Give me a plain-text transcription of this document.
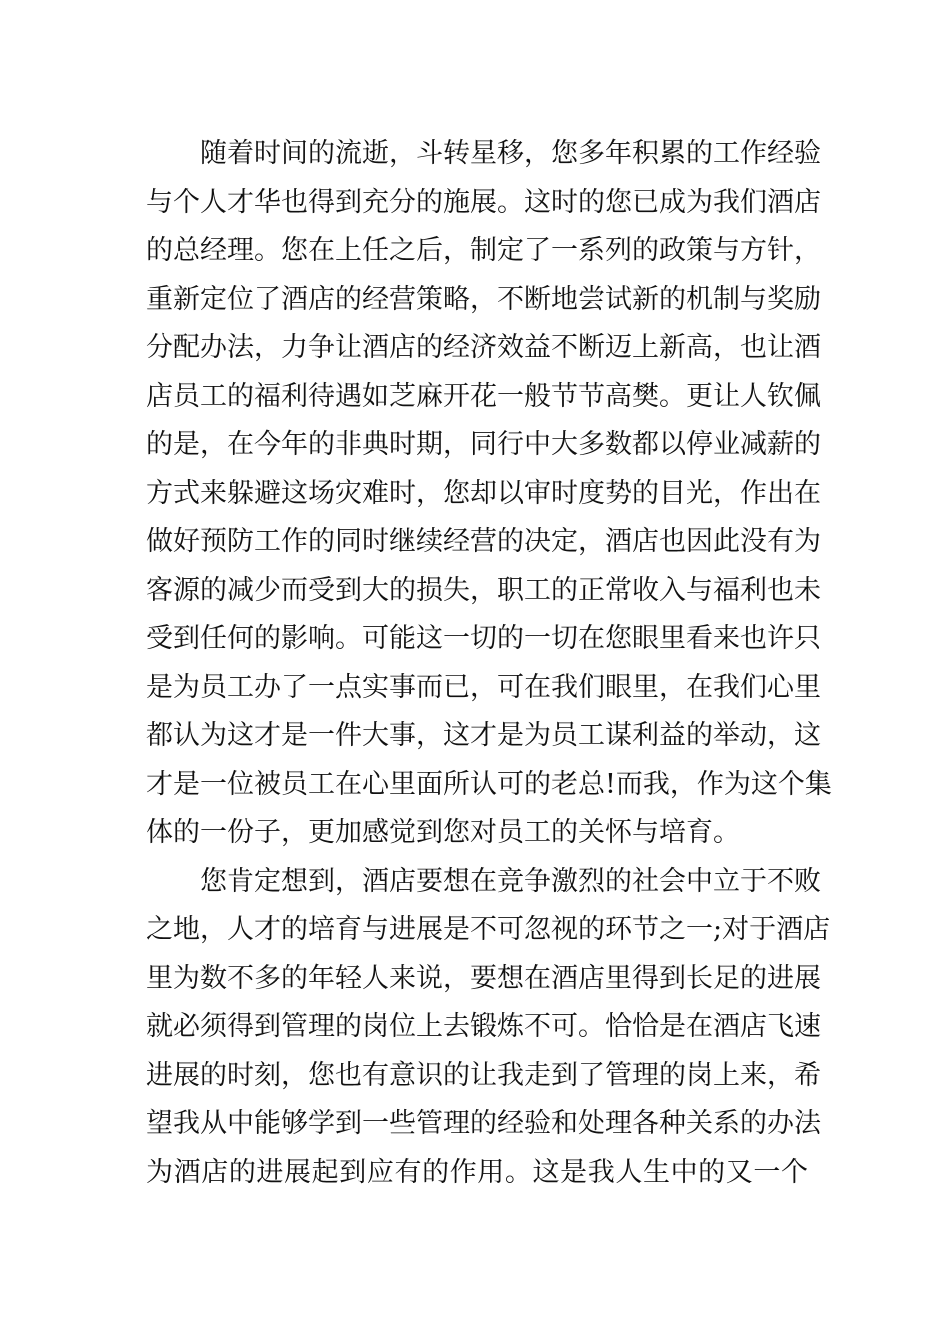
随着时间的流逝，斗转星移，您多年积累的工作经验
与个人才华也得到充分的施展。这时的您已成为我们酒店
的总经理。您在上任之后，制定了一系列的政策与方针，
重新定位了酒店的经营策略，不断地尝试新的机制与奖励
分配办法，力争让酒店的经济效益不断迈上新高，也让酒
店员工的福利待遇如芝麻开花一般节节高樊。更让人钦佩
的是，在今年的非典时期，同行中大多数都以停业减薪的
方式来躲避这场灾难时，您却以审时度势的目光，作出在
做好预防工作的同时继续经营的决定，酒店也因此没有为
客源的减少而受到大的损失，职工的正常收入与福利也未
受到任何的影响。可能这一切的一切在您眼里看来也许只
是为员工办了一点实事而已，可在我们眼里，在我们心里
都认为这才是一件大事，这才是为员工谋利益的举动，这
才是一位被员工在心里面所认可的老总!而我，作为这个集
体的一份子，更加感觉到您对员工的关怀与培育。
您肯定想到，酒店要想在竞争激烈的社会中立于不败
之地，人才的培育与进展是不可忽视的环节之一;对于酒店
里为数不多的年轻人来说，要想在酒店里得到长足的进展
就必须得到管理的岗位上去锻炼不可。恰恰是在酒店飞速
进展的时刻，您也有意识的让我走到了管理的岗上来，希
望我从中能够学到一些管理的经验和处理各种关系的办法
为酒店的进展起到应有的作用。这是我人生中的又一个
